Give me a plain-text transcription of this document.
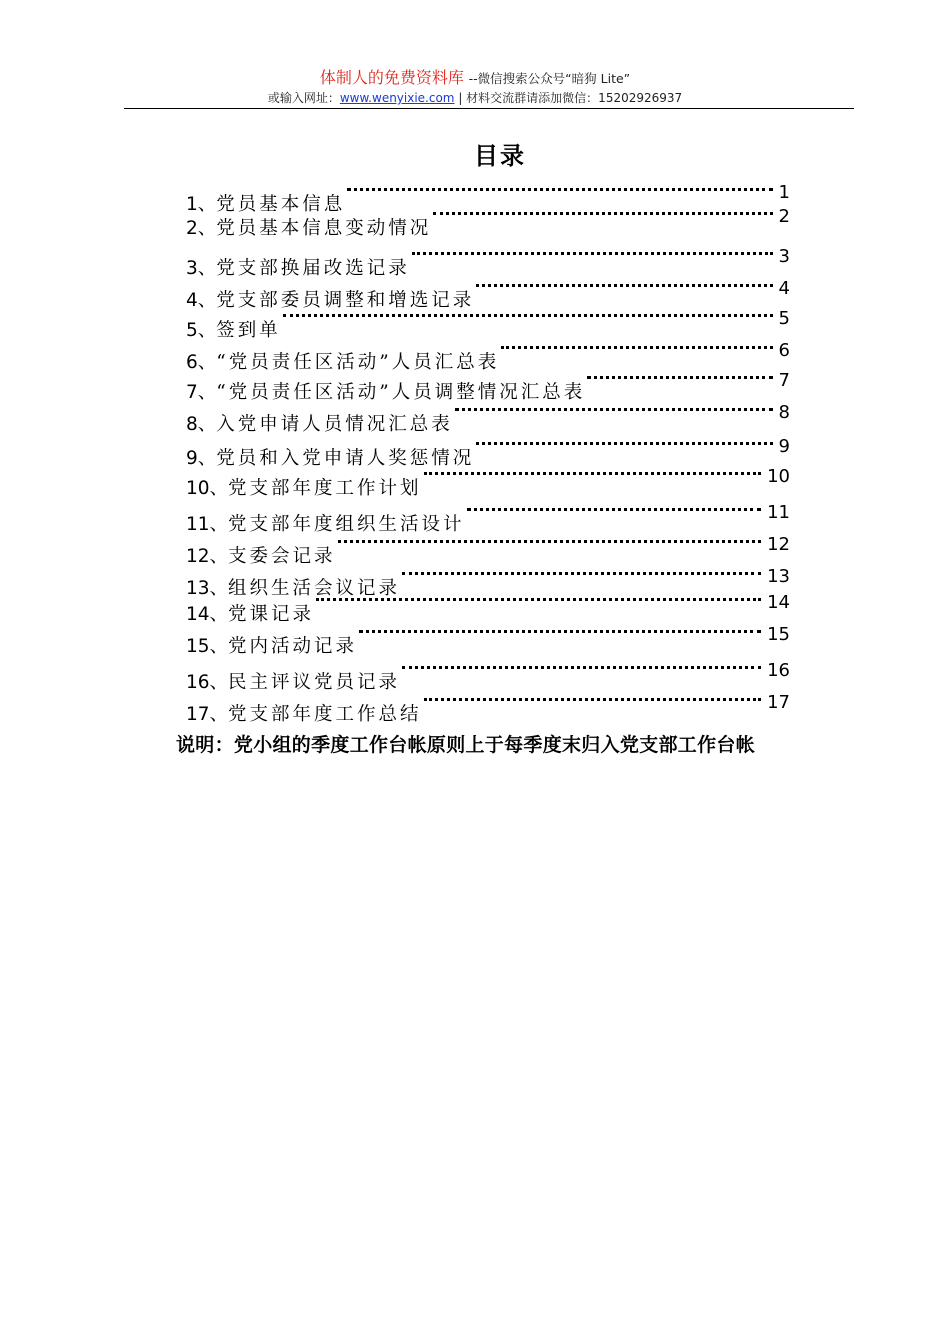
体制人的免费资料库 --微信搜索公众号“暗狗 Lite”
或输入网址：www.wenyixie.com | 材料交流群请添加微信：15202926937
目录
1、党员基本信息
1
2、党员基本信息变动情况
2
3、党支部换届改选记录
3
4、党支部委员调整和增选记录
4
5、签到单
5
6、“党员责任区活动”人员汇总表
6
7、“党员责任区活动”人员调整情况汇总表
7
8、入党申请人员情况汇总表
8
9、党员和入党申请人奖惩情况
9
10、党支部年度工作计划
10
11、党支部年度组织生活设计
11
12、支委会记录
12
13、组织生活会议记录
13
14、党课记录
14
15、党内活动记录
15
16、民主评议党员记录
16
17、党支部年度工作总结
17
说明：党小组的季度工作台帐原则上于每季度末归入党支部工作台帐
